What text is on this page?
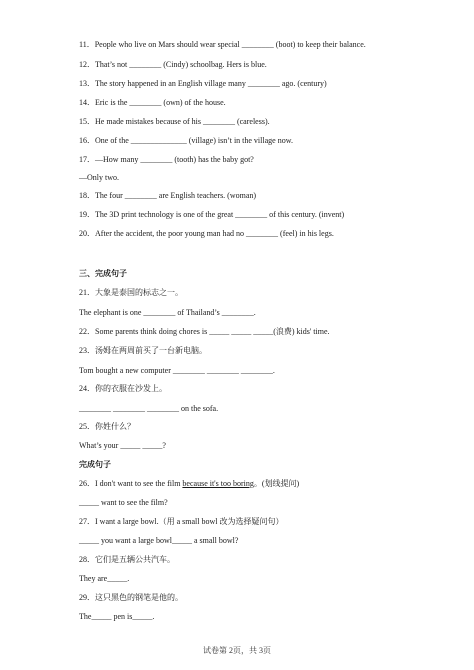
11．People who live on Mars should wear special ________ (boot) to keep their balance.
12．That’s not ________ (Cindy) schoolbag. Hers is blue.
13．The story happened in an English village many ________ ago. (century)
14．Eric is the ________ (own) of the house.
15．He made mistakes because of his ________ (careless).
16．One of the ______________ (village) isn’t in the village now.
17．—How many ________ (tooth) has the baby got?
—Only two.
18．The four ________ are English teachers. (woman)
19．The 3D print technology is one of the great ________ of this century. (invent)
20．After the accident, the poor young man had no ________ (feel) in his legs.
三、完成句子
21．大象是泰国的标志之一。
The elephant is one ________ of Thailand’s ________.
22．Some parents think doing chores is _____ _____ _____(浪费) kids' time.
23．汤姆在两周前买了一台新电脑。
Tom bought a new computer ________ ________ ________.
24．你的衣服在沙发上。
________ ________ ________ on the sofa.
25．你姓什么？
What’s your _____ _____?
完成句子
26．I don't want to see the film because it's too boring。(划线提问)
_____ want to see the film?
27．I want a large bowl.（用 a small bowl 改为选择疑问句）
_____ you want a large bowl_____ a small bowl?
28．它们是五辆公共汽车。
They are_____.
29．这只黑色的钢笔是他的。
The_____ pen is_____.
试卷第 2页，共 3页
